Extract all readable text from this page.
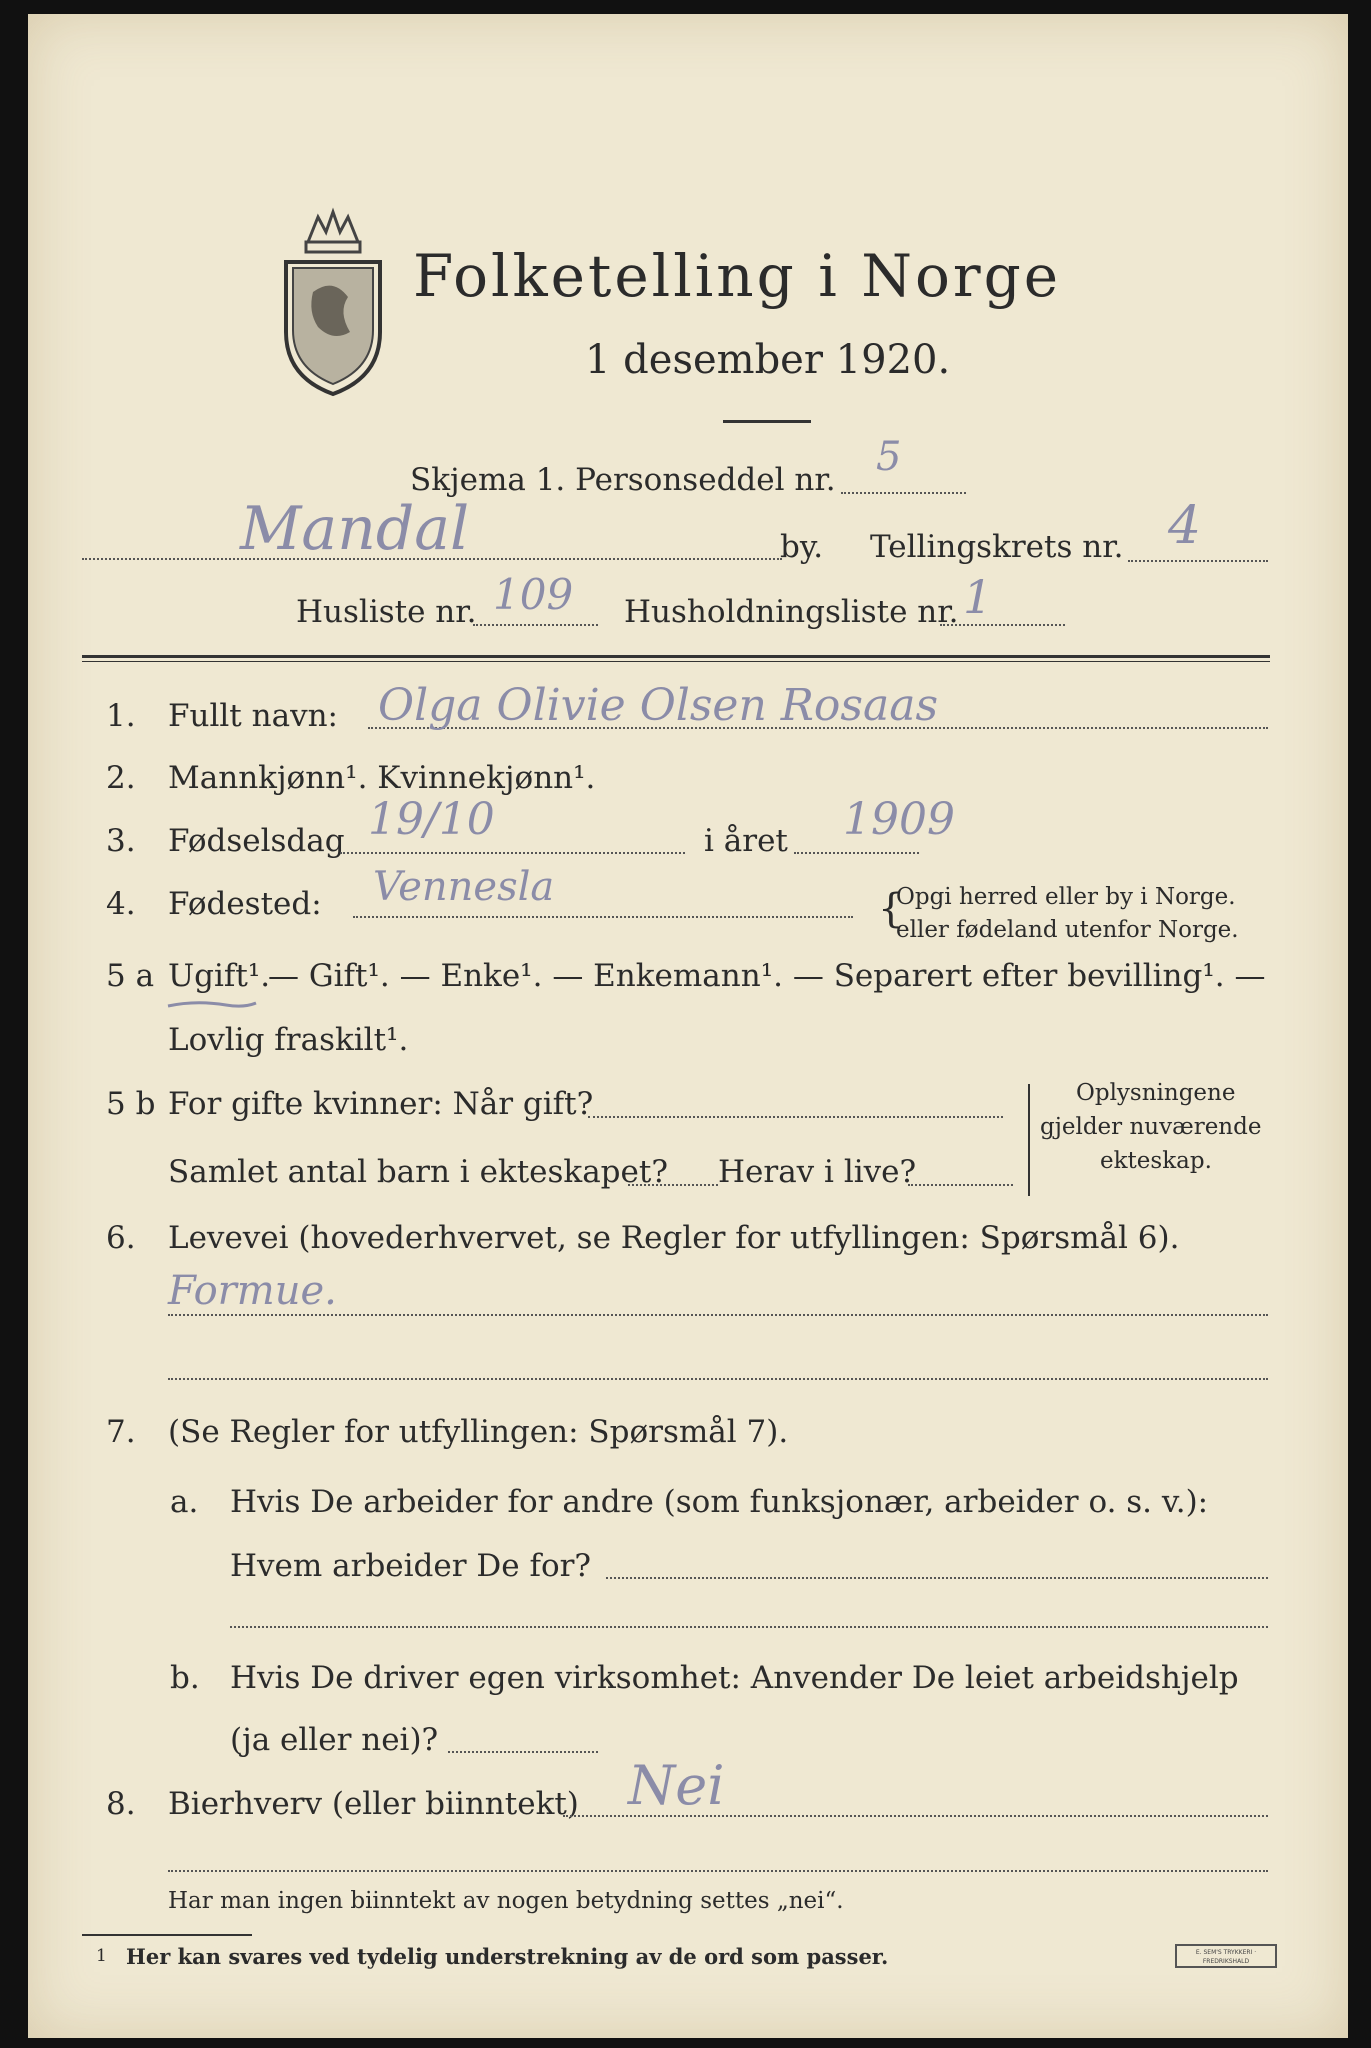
Folketelling i Norge
1 desember 1920.
Skjema 1. Personseddel nr. 5
Mandal	by. Tellingskrets nr. 4
Husliste nr. 109 Husholdningsliste nr. 1
1. Fullt navn: Olga Olivie Olsen Rosaas
2. Mannkjønn¹. Kvinnekjønn¹.
3. Fødselsdag 19/10	i året 1909
4. Fødested: Vennesla	{
Opgi herred eller by i Norge.
eller fødeland utenfor Norge.
5 a Ugift¹.
— Gift¹. — Enke¹. — Enkemann¹. — Separert efter bevilling¹. —
Lovlig fraskilt¹.
5 b For gifte kvinner: Når gift?
Samlet antal barn i ekteskapet? Herav i live?
Oplysningene
gjelder nuværende
ekteskap.
6. Levevei (hovederhvervet, se Regler for utfyllingen: Spørsmål 6).
Formue.
7. (Se Regler for utfyllingen: Spørsmål 7).
a. Hvis De arbeider for andre (som funksjonær, arbeider o. s. v.):
Hvem arbeider De for?
b. Hvis De driver egen virksomhet: Anvender De leiet arbeidshjelp
(ja eller nei)?
8. Bierhverv (eller biinntekt) Nei
Har man ingen biinntekt av nogen betydning settes „nei“.
1 Her kan svares ved tydelig understrekning av de ord som passer.	E. SEM'S TRYKKERI · FREDRIKSHALD
